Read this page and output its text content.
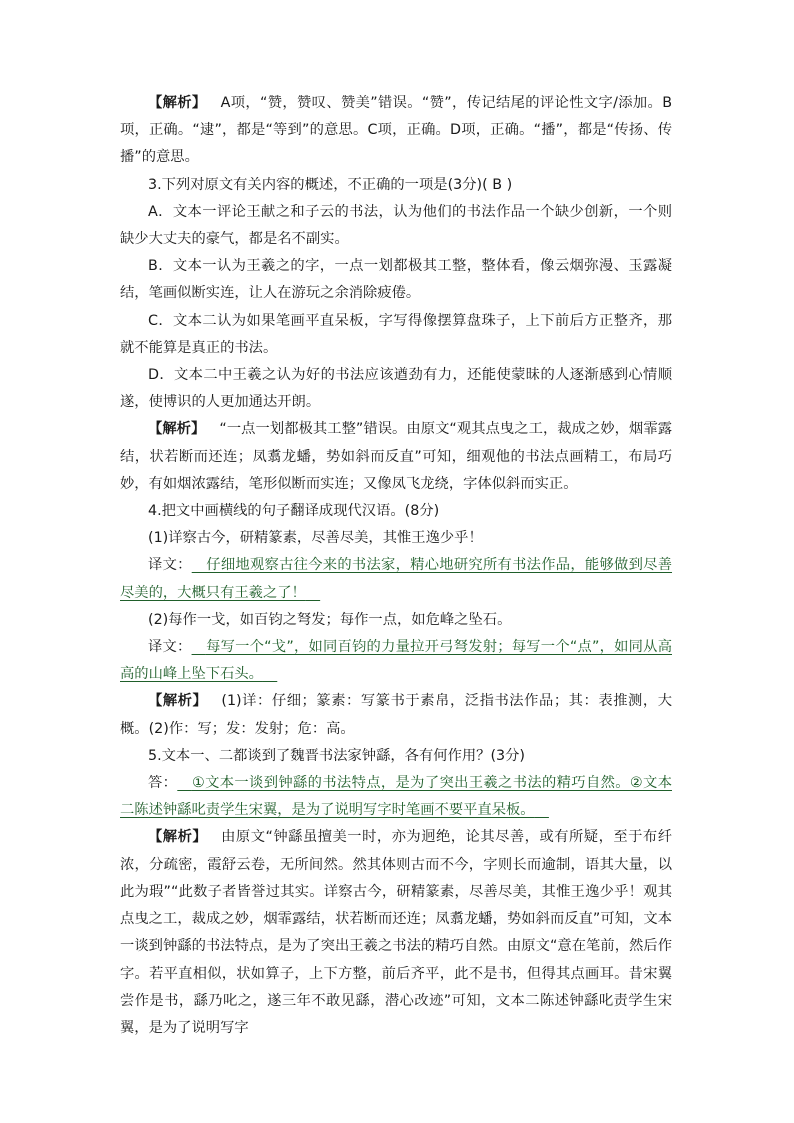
【解析】 A项，“赞，赞叹、赞美”错误。“赞”，传记结尾的评论性文字/添加。B项，正确。“逮”，都是“等到”的意思。C项，正确。D项，正确。“播”，都是“传扬、传播”的意思。

3.下列对原文有关内容的概述，不正确的一项是(3分)( B )

A．文本一评论王献之和子云的书法，认为他们的书法作品一个缺少创新，一个则缺少大丈夫的豪气，都是名不副实。

B．文本一认为王羲之的字，一点一划都极其工整，整体看，像云烟弥漫、玉露凝结，笔画似断实连，让人在游玩之余消除疲倦。

C．文本二认为如果笔画平直呆板，字写得像摆算盘珠子，上下前后方正整齐，那就不能算是真正的书法。

D．文本二中王羲之认为好的书法应该遒劲有力，还能使蒙昧的人逐渐感到心情顺遂，使博识的人更加通达开朗。

【解析】 “一点一划都极其工整”错误。由原文“观其点曳之工，裁成之妙，烟霏露结，状若断而还连；凤翥龙蟠，势如斜而反直”可知，细观他的书法点画精工，布局巧妙，有如烟浓露结，笔形似断而实连；又像凤飞龙绕，字体似斜而实正。

4.把文中画横线的句子翻译成现代汉语。(8分)

(1)详察古今，研精篆素，尽善尽美，其惟王逸少乎！

译文：  仔细地观察古往今来的书法家，精心地研究所有书法作品，能够做到尽善尽美的，大概只有王羲之了！ 

(2)每作一戈，如百钧之弩发；每作一点，如危峰之坠石。

译文：  每写一个“戈”，如同百钧的力量拉开弓弩发射；每写一个“点”，如同从高高的山峰上坠下石头。 

【解析】 (1)详：仔细；篆素：写篆书于素帛，泛指书法作品；其：表推测，大概。(2)作：写；发：发射；危：高。

5.文本一、二都谈到了魏晋书法家钟繇，各有何作用？(3分)

答：  ①文本一谈到钟繇的书法特点，是为了突出王羲之书法的精巧自然。②文本二陈述钟繇叱责学生宋翼，是为了说明写字时笔画不要平直呆板。 

【解析】 由原文“钟繇虽擅美一时，亦为迥绝，论其尽善，或有所疑，至于布纤浓，分疏密，霞舒云卷，无所间然。然其体则古而不今，字则长而逾制，语其大量，以此为瑕”“此数子者皆誉过其实。详察古今，研精篆素，尽善尽美，其惟王逸少乎！观其点曳之工，裁成之妙，烟霏露结，状若断而还连；凤翥龙蟠，势如斜而反直”可知，文本一谈到钟繇的书法特点，是为了突出王羲之书法的精巧自然。由原文“意在笔前，然后作字。若平直相似，状如算子，上下方整，前后齐平，此不是书，但得其点画耳。昔宋翼尝作是书，繇乃叱之，遂三年不敢见繇，潜心改迹”可知，文本二陈述钟繇叱责学生宋翼，是为了说明写字
